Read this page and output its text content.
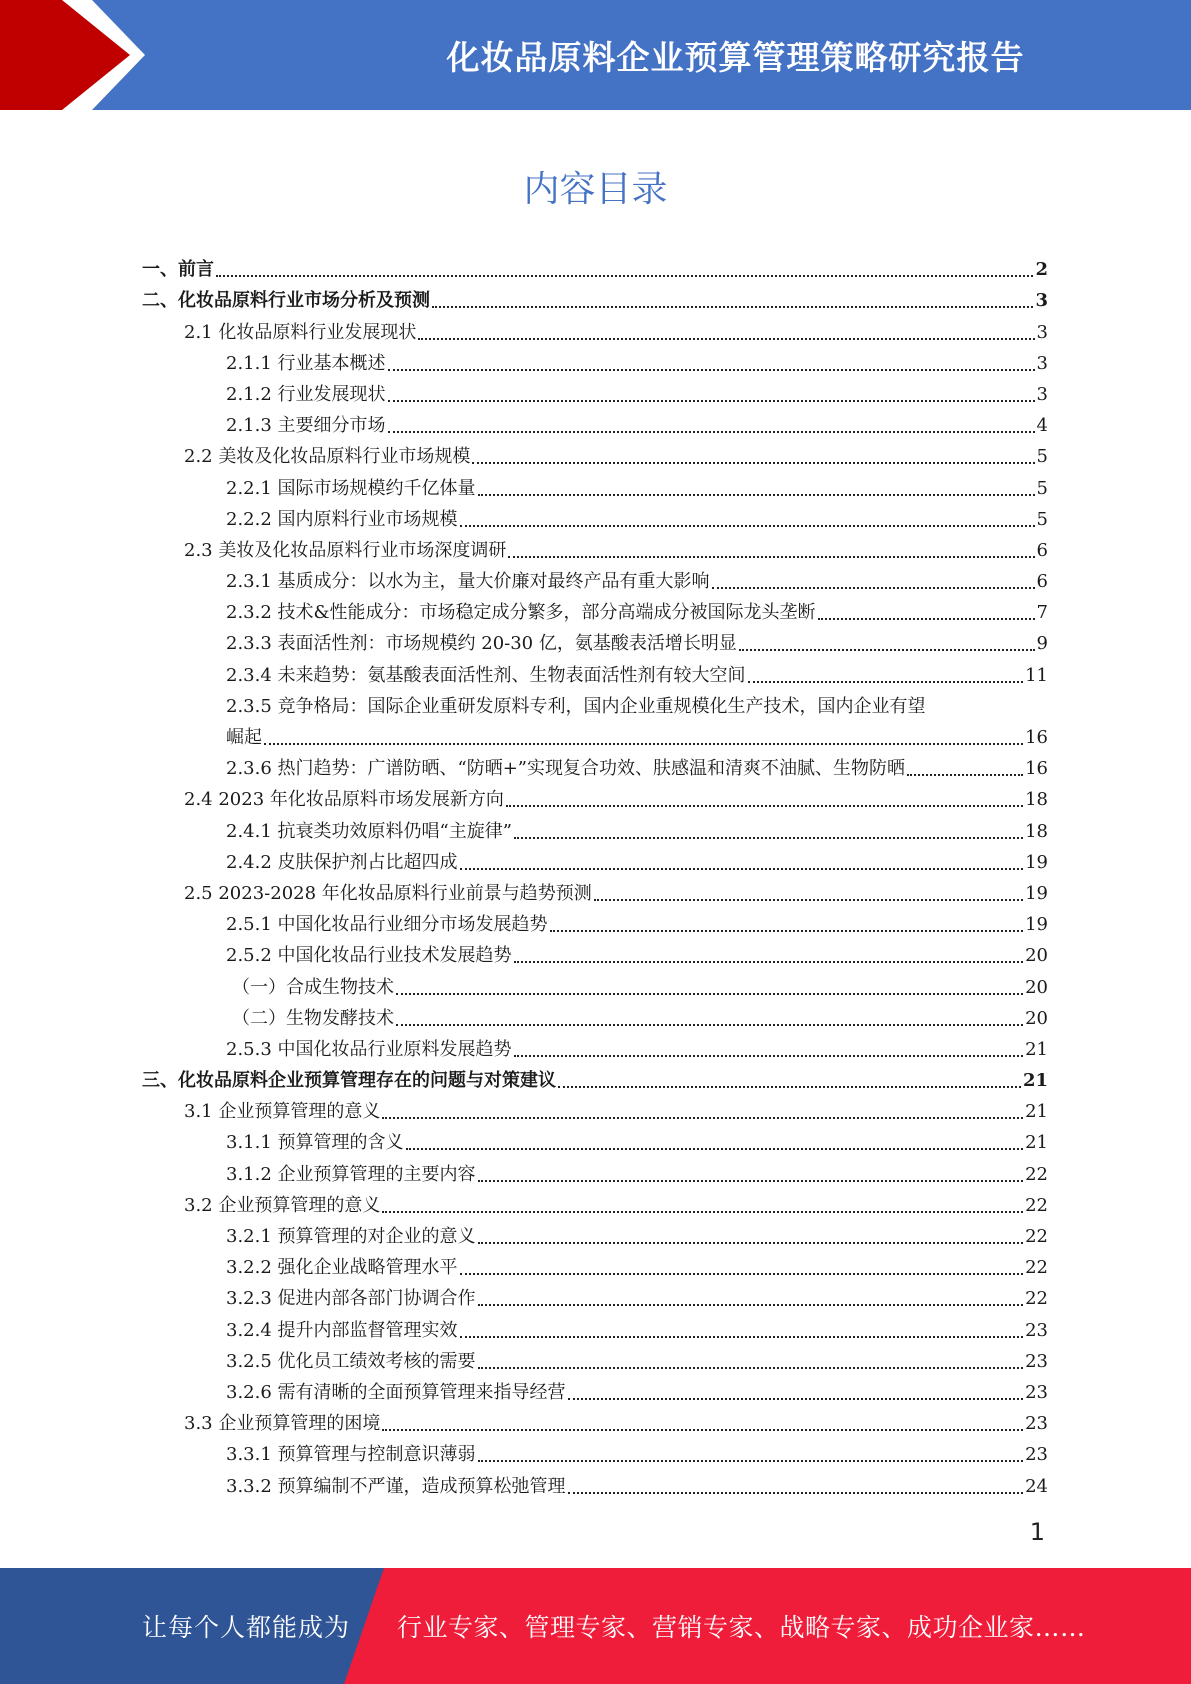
化妆品原料企业预算管理策略研究报告
内容目录
一、前言	2
二、化妆品原料行业市场分析及预测	3
2.1 化妆品原料行业发展现状	3
2.1.1 行业基本概述	3
2.1.2 行业发展现状	3
2.1.3 主要细分市场	4
2.2 美妆及化妆品原料行业市场规模	5
2.2.1 国际市场规模约千亿体量	5
2.2.2 国内原料行业市场规模	5
2.3 美妆及化妆品原料行业市场深度调研	6
2.3.1 基质成分：以水为主，量大价廉对最终产品有重大影响	6
2.3.2 技术&性能成分：市场稳定成分繁多，部分高端成分被国际龙头垄断	7
2.3.3 表面活性剂：市场规模约 20-30 亿，氨基酸表活增长明显	9
2.3.4 未来趋势：氨基酸表面活性剂、生物表面活性剂有较大空间	11
2.3.5 竞争格局：国际企业重研发原料专利，国内企业重规模化生产技术，国内企业有望
崛起	16
2.3.6 热门趋势：广谱防晒、“防晒+”实现复合功效、肤感温和清爽不油腻、生物防晒	16
2.4 2023 年化妆品原料市场发展新方向	18
2.4.1 抗衰类功效原料仍唱“主旋律”	18
2.4.2 皮肤保护剂占比超四成	19
2.5 2023-2028 年化妆品原料行业前景与趋势预测	19
2.5.1 中国化妆品行业细分市场发展趋势	19
2.5.2 中国化妆品行业技术发展趋势	20
（一）合成生物技术	20
（二）生物发酵技术	20
2.5.3 中国化妆品行业原料发展趋势	21
三、化妆品原料企业预算管理存在的问题与对策建议	21
3.1 企业预算管理的意义	21
3.1.1 预算管理的含义	21
3.1.2 企业预算管理的主要内容	22
3.2 企业预算管理的意义	22
3.2.1 预算管理的对企业的意义	22
3.2.2 强化企业战略管理水平	22
3.2.3 促进内部各部门协调合作	22
3.2.4 提升内部监督管理实效	23
3.2.5 优化员工绩效考核的需要	23
3.2.6 需有清晰的全面预算管理来指导经营	23
3.3 企业预算管理的困境	23
3.3.1 预算管理与控制意识薄弱	23
3.3.2 预算编制不严谨，造成预算松弛管理	24
1
让每个人都能成为 行业专家、管理专家、营销专家、战略专家、成功企业家……
